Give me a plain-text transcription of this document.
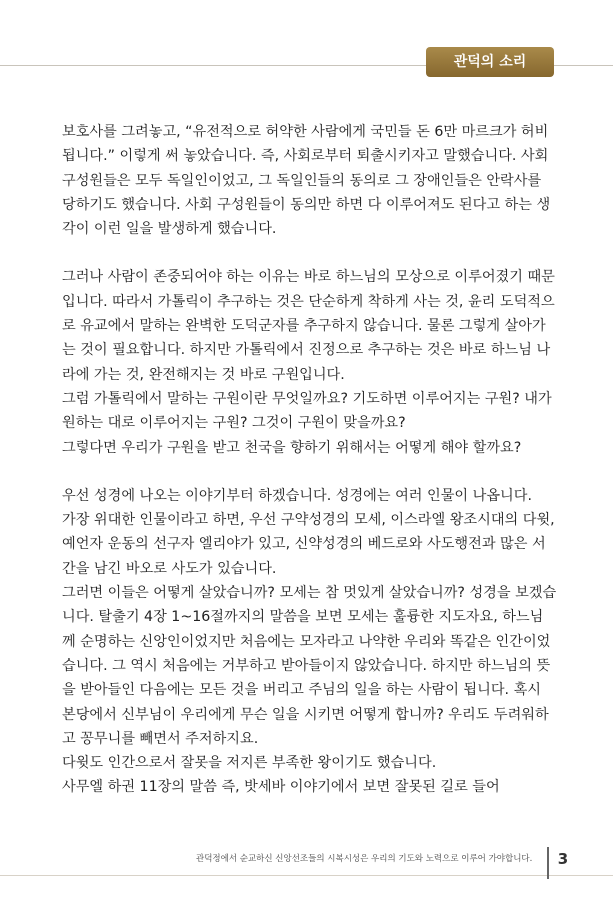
관덕의 소리

보호사를 그려놓고, “유전적으로 허약한 사람에게 국민들 돈 6만 마르크가 허비됩니다.” 이렇게 써 놓았습니다. 즉, 사회로부터 퇴출시키자고 말했습니다. 사회구성원들은 모두 독일인이었고, 그 독일인들의 동의로 그 장애인들은 안락사를 당하기도 했습니다. 사회 구성원들이 동의만 하면 다 이루어져도 된다고 하는 생각이 이런 일을 발생하게 했습니다.

그러나 사람이 존중되어야 하는 이유는 바로 하느님의 모상으로 이루어졌기 때문입니다. 따라서 가톨릭이 추구하는 것은 단순하게 착하게 사는 것, 윤리 도덕적으로 유교에서 말하는 완벽한 도덕군자를 추구하지 않습니다. 물론 그렇게 살아가는 것이 필요합니다. 하지만 가톨릭에서 진정으로 추구하는 것은 바로 하느님 나라에 가는 것, 완전해지는 것 바로 구원입니다.

그럼 가톨릭에서 말하는 구원이란 무엇일까요? 기도하면 이루어지는 구원? 내가 원하는 대로 이루어지는 구원? 그것이 구원이 맞을까요?

그렇다면 우리가 구원을 받고 천국을 향하기 위해서는 어떻게 해야 할까요?

우선 성경에 나오는 이야기부터 하겠습니다. 성경에는 여러 인물이 나옵니다.

가장 위대한 인물이라고 하면, 우선 구약성경의 모세, 이스라엘 왕조시대의 다윗, 예언자 운동의 선구자 엘리야가 있고, 신약성경의 베드로와 사도행전과 많은 서간을 남긴 바오로 사도가 있습니다.

그러면 이들은 어떻게 살았습니까? 모세는 참 멋있게 살았습니까? 성경을 보겠습니다. 탈출기 4장 1~16절까지의 말씀을 보면 모세는 훌륭한 지도자요, 하느님께 순명하는 신앙인이었지만 처음에는 모자라고 나약한 우리와 똑같은 인간이었습니다. 그 역시 처음에는 거부하고 받아들이지 않았습니다. 하지만 하느님의 뜻을 받아들인 다음에는 모든 것을 버리고 주님의 일을 하는 사람이 됩니다. 혹시 본당에서 신부님이 우리에게 무슨 일을 시키면 어떻게 합니까? 우리도 두려워하고 꽁무니를 빼면서 주저하지요.

다윗도 인간으로서 잘못을 저지른 부족한 왕이기도 했습니다.

사무엘 하권 11장의 말씀 즉, 밧세바 이야기에서 보면 잘못된 길로 들어

관덕정에서 순교하신 신앙선조들의 시복시성은 우리의 기도와 노력으로 이루어 가야합니다.	3
